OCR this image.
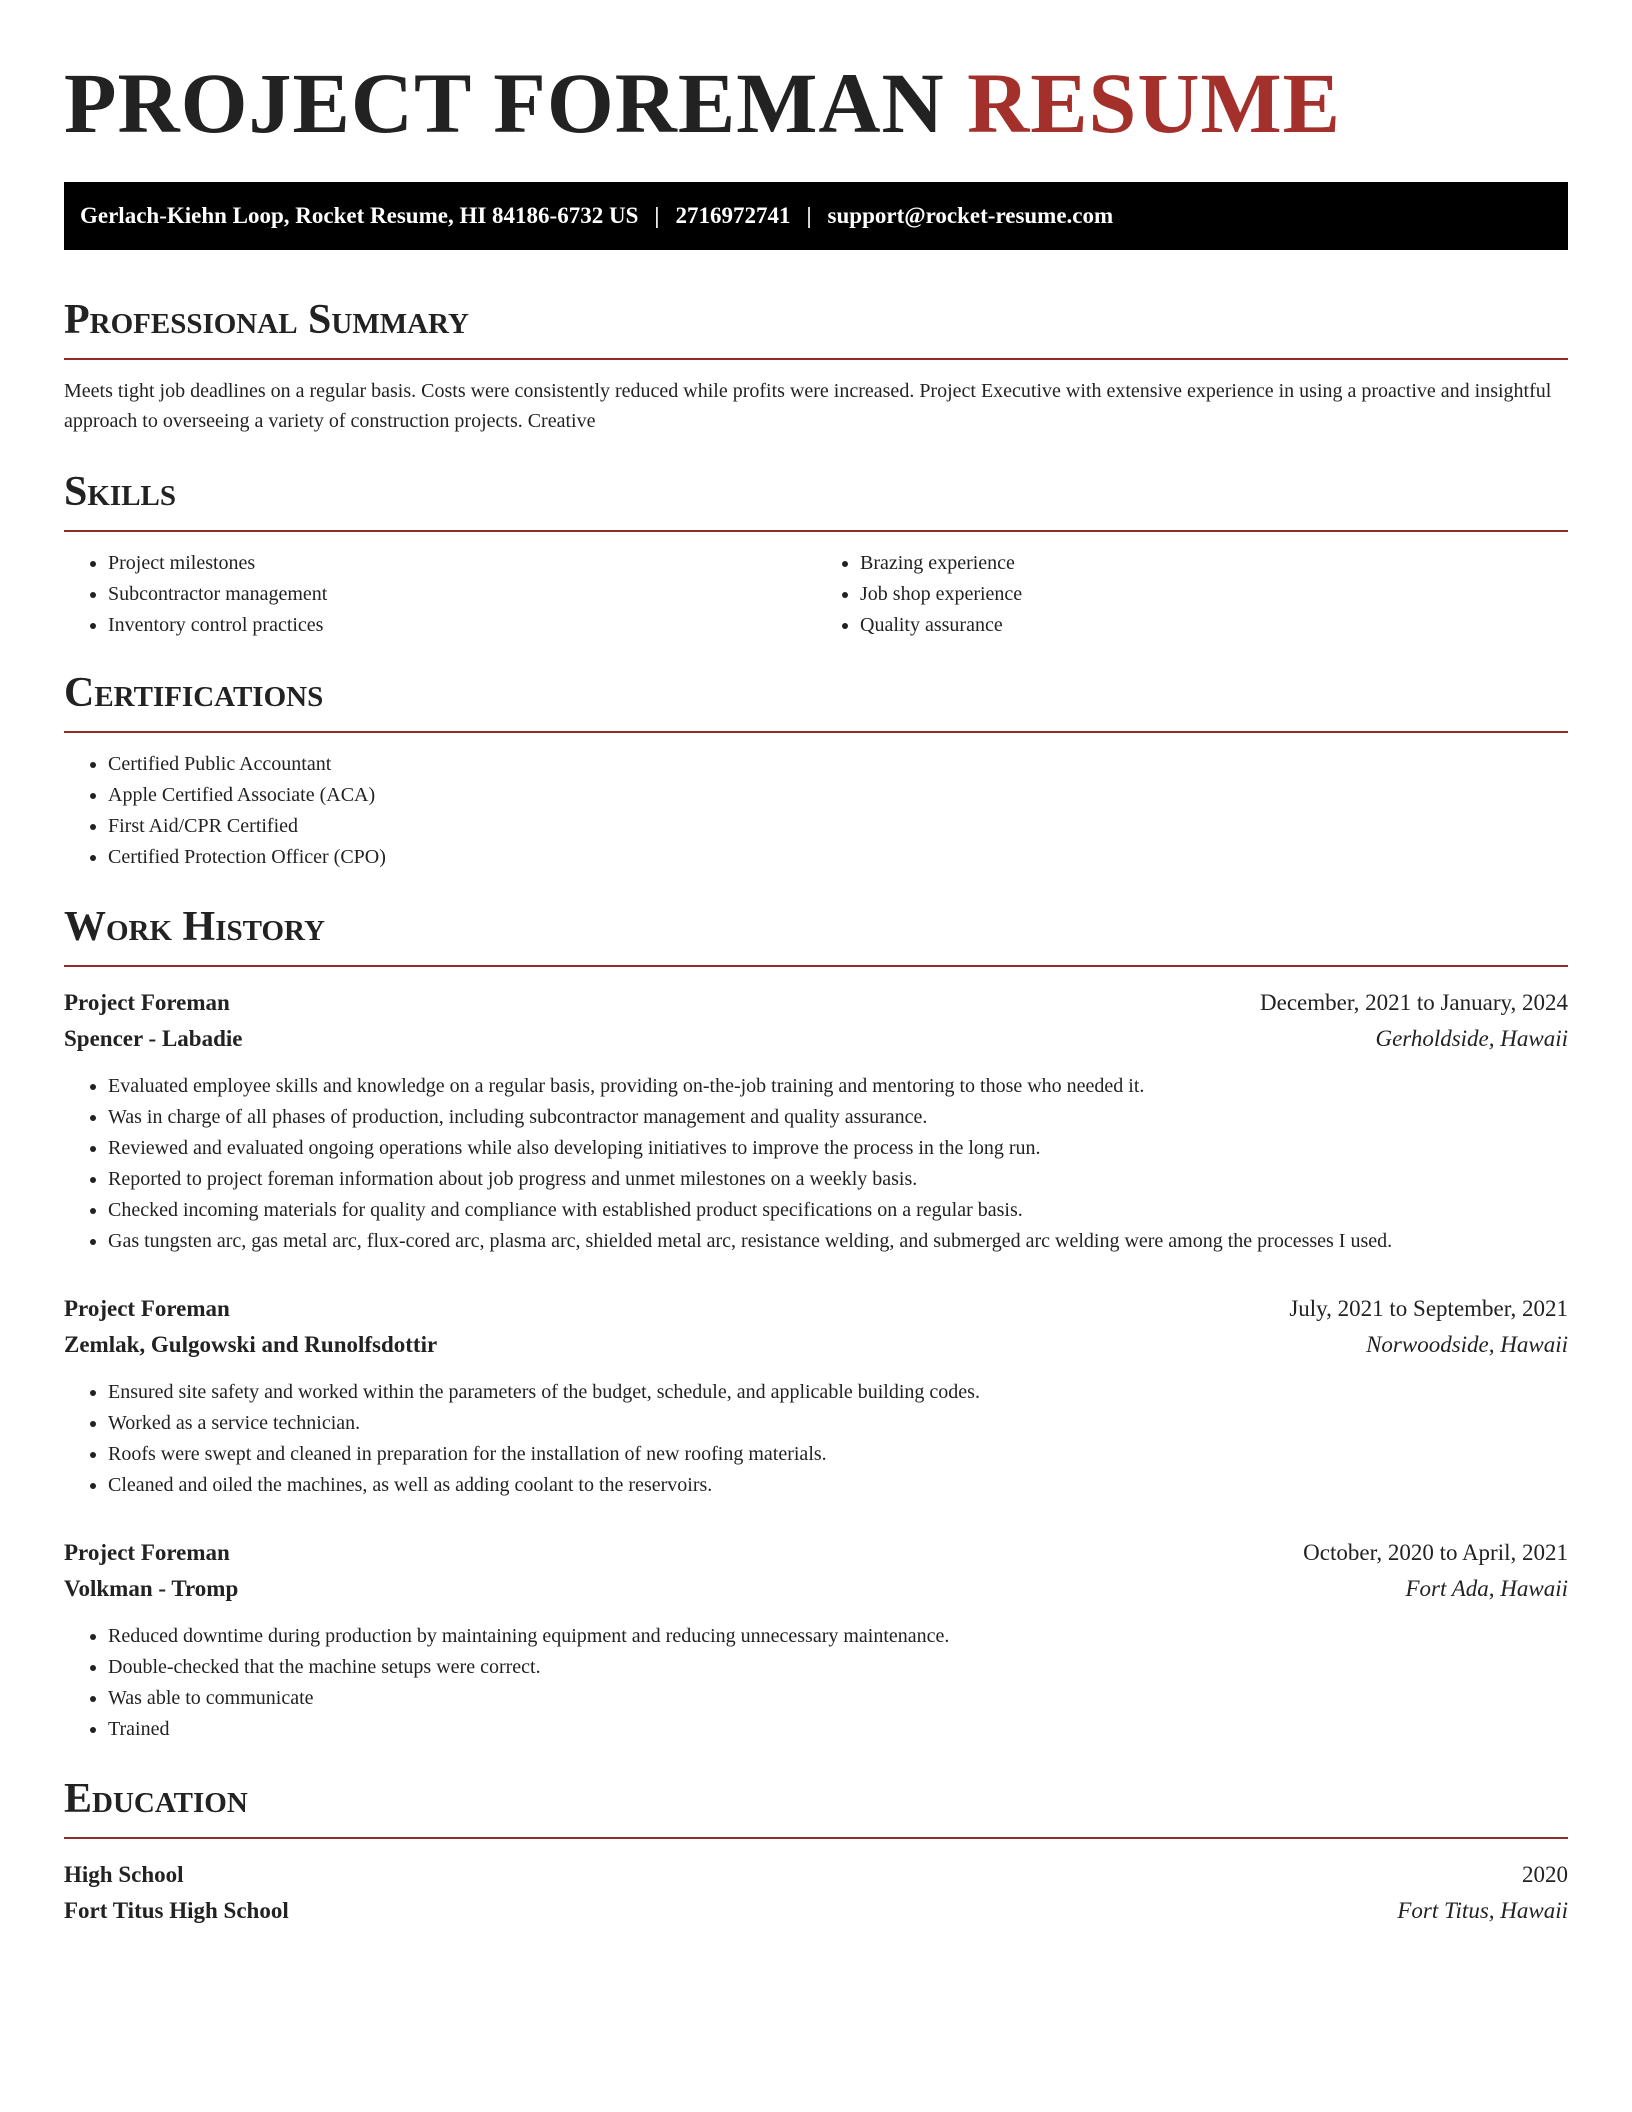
PROJECT FOREMAN RESUME
Gerlach-Kiehn Loop, Rocket Resume, HI 84186-6732 US | 2716972741 | support@rocket-resume.com
Professional Summary

Meets tight job deadlines on a regular basis. Costs were consistently reduced while profits were increased. Project Executive with extensive experience in using a proactive and insightful approach to overseeing a variety of construction projects. Creative

Skills
• Project milestones
• Subcontractor management
• Inventory control practices
• Brazing experience
• Job shop experience
• Quality assurance
Certifications
• Certified Public Accountant
• Apple Certified Associate (ACA)
• First Aid/CPR Certified
• Certified Protection Officer (CPO)
Work History
Project Foreman	December, 2021 to January, 2024
Spencer - Labadie	Gerholdside, Hawaii
• Evaluated employee skills and knowledge on a regular basis, providing on-the-job training and mentoring to those who needed it.
• Was in charge of all phases of production, including subcontractor management and quality assurance.
• Reviewed and evaluated ongoing operations while also developing initiatives to improve the process in the long run.
• Reported to project foreman information about job progress and unmet milestones on a weekly basis.
• Checked incoming materials for quality and compliance with established product specifications on a regular basis.
• Gas tungsten arc, gas metal arc, flux-cored arc, plasma arc, shielded metal arc, resistance welding, and submerged arc welding were among the processes I used.
Project Foreman	July, 2021 to September, 2021
Zemlak, Gulgowski and Runolfsdottir	Norwoodside, Hawaii
• Ensured site safety and worked within the parameters of the budget, schedule, and applicable building codes.
• Worked as a service technician.
• Roofs were swept and cleaned in preparation for the installation of new roofing materials.
• Cleaned and oiled the machines, as well as adding coolant to the reservoirs.
Project Foreman	October, 2020 to April, 2021
Volkman - Tromp	Fort Ada, Hawaii
• Reduced downtime during production by maintaining equipment and reducing unnecessary maintenance.
• Double-checked that the machine setups were correct.
• Was able to communicate
• Trained
Education
High School	2020
Fort Titus High School	Fort Titus, Hawaii
